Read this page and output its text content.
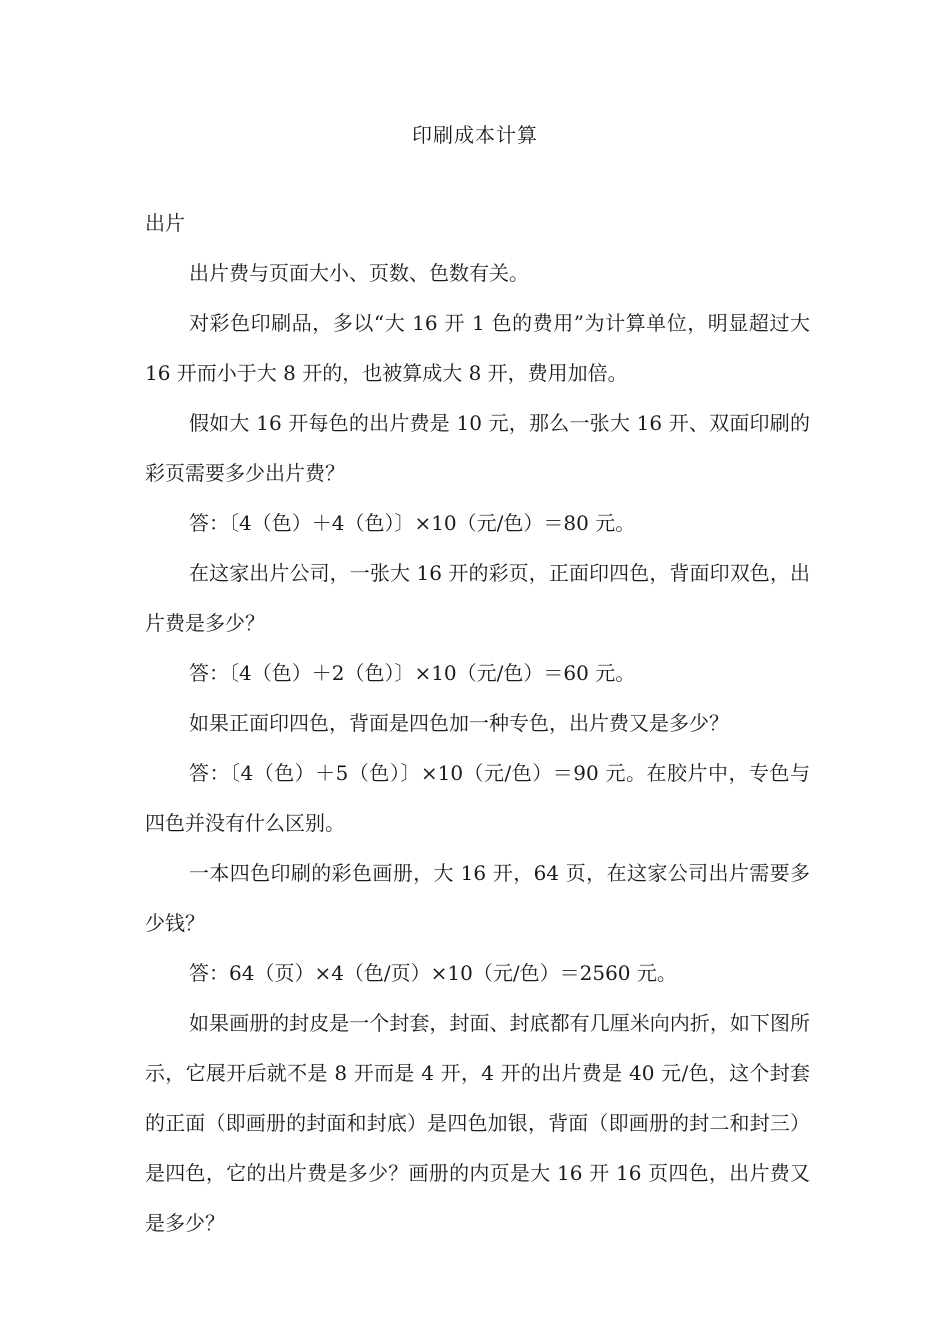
印刷成本计算

出片

出片费与页面大小、页数、色数有关。

对彩色印刷品，多以“大 16 开 1 色的费用”为计算单位，明显超过大 16 开而小于大 8 开的，也被算成大 8 开，费用加倍。

假如大 16 开每色的出片费是 10 元，那么一张大 16 开、双面印刷的彩页需要多少出片费？

答：〔4（色）＋4（色）〕×10（元/色）＝80 元。

在这家出片公司，一张大 16 开的彩页，正面印四色，背面印双色，出片费是多少？

答：〔4（色）＋2（色）〕×10（元/色）＝60 元。

如果正面印四色，背面是四色加一种专色，出片费又是多少？

答：〔4（色）＋5（色）〕×10（元/色）＝90 元。在胶片中，专色与四色并没有什么区别。

一本四色印刷的彩色画册，大 16 开，64 页，在这家公司出片需要多少钱？

答：64（页）×4（色/页）×10（元/色）＝2560 元。

如果画册的封皮是一个封套，封面、封底都有几厘米向内折，如下图所示，它展开后就不是 8 开而是 4 开，4 开的出片费是 40 元/色，这个封套的正面（即画册的封面和封底）是四色加银，背面（即画册的封二和封三）是四色，它的出片费是多少？画册的内页是大 16 开 16 页四色，出片费又是多少？
